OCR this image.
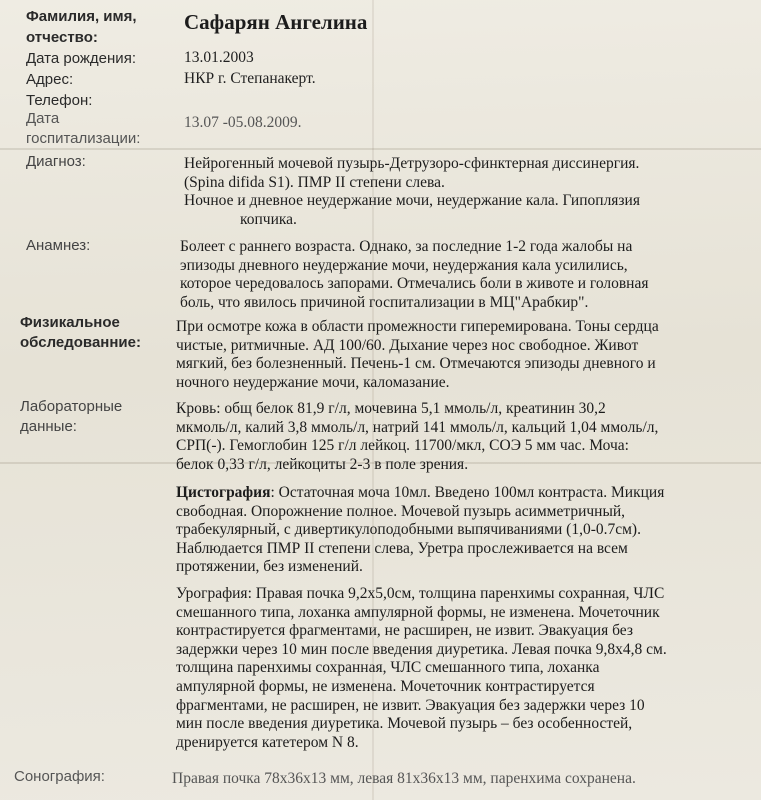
Фамилия, имя,
отчество:
Сафарян Ангелина
Дата рождения:	13.01.2003
Адрес:	НКР г. Степанакерт.
Телефон:
Дата
госпитализации:
13.07 -05.08.2009.
Диагноз:	Нейрогенный мочевой пузырь-Детрузоро-сфинктерная диссинергия.
(Spina difida S1). ПМР II степени слева.
Ночное и дневное неудержание мочи, неудержание кала. Гипоплязия
копчика.
Анамнез:	Болеет с раннего возраста. Однако, за последние 1-2 года жалобы на
эпизоды дневного неудержание мочи, неудержания кала усилились,
которое чередовалось запорами. Отмечались боли в животе и головная
боль, что явилось причиной госпитализации в МЦ"Арабкир".
Физикальное
обследованние:
При осмотре кожа в области промежности гиперемирована. Тоны сердца
чистые, ритмичные. АД 100/60. Дыхание через нос свободное. Живот
мягкий, без болезненный. Печень-1 см. Отмечаются эпизоды дневного и
ночного неудержание мочи, каломазание.
Лабораторные
данные:
Кровь: общ белок 81,9 г/л, мочевина 5,1 ммоль/л, креатинин 30,2
мкмоль/л, калий 3,8 ммоль/л, натрий 141 ммоль/л, кальций 1,04 ммоль/л,
СРП(-). Гемоглобин 125 г/л лейкоц. 11700/мкл, СОЭ 5 мм час. Моча:
белок 0,33 г/л, лейкоциты 2-3 в поле зрения.
Цистография: Остаточная моча 10мл. Введено 100мл контраста. Микция
свободная. Опорожнение полное. Мочевой пузырь асимметричный,
трабекулярный, с дивертикулоподобными выпячиваниями (1,0-0.7см).
Наблюдается ПМР II степени слева, Уретра прослеживается на всем
протяжении, без изменений.
Урография: Правая почка 9,2х5,0см, толщина паренхимы сохранная, ЧЛС
смешанного типа, лоханка ампулярной формы, не изменена. Мочеточник
контрастируется фрагментами, не расширен, не извит. Эвакуация без
задержки через 10 мин после введения диуретика. Левая почка 9,8х4,8 см.
толщина паренхимы сохранная, ЧЛС смешанного типа, лоханка
ампулярной формы, не изменена. Мочеточник контрастируется
фрагментами, не расширен, не извит. Эвакуация без задержки через 10
мин после введения диуретика. Мочевой пузырь – без особенностей,
дренируется катетером N 8.
Сонография:	Правая почка 78х36х13 мм, левая 81х36х13 мм, паренхима сохранена.
